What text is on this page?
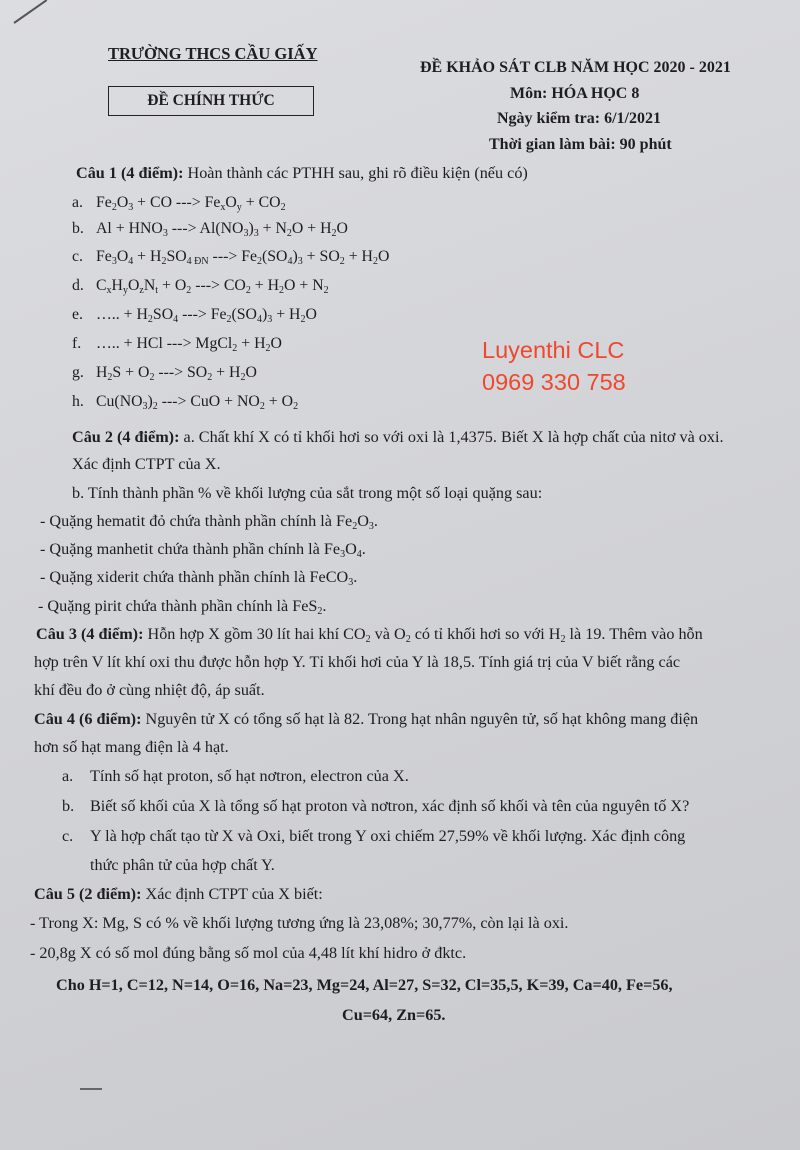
TRƯỜNG THCS CẦU GIẤY
ĐỀ CHÍNH THỨC
ĐỀ KHẢO SÁT CLB NĂM HỌC 2020 - 2021
Môn: HÓA HỌC 8
Ngày kiểm tra: 6/1/2021
Thời gian làm bài: 90 phút
Câu 1 (4 điểm): Hoàn thành các PTHH sau, ghi rõ điều kiện (nếu có)
a. $Fe_2O_3$ + CO ---> $Fe_xO_y + CO_2$
b. $Al + HNO_3$ ---> $Al(NO_3)_3 + N_2O + H_2O$
c. $Fe_3O_4 + H_2SO_{4 ĐN}$ ---> $Fe_2(SO_4)_3 + SO_2 + H_2O$
d. $C_xH_yO_zN_t + O_2$ ---> $CO_2 + H_2O + N_2$
e. ….. + $H_2SO_4$ ---> $Fe_2(SO_4)_3 + H_2O$
f. ….. + HCl ---> MgCl$_2$ + $H_2O$
g. $H_2S + O_2$ ---> $SO_2 + H_2O$
h. $Cu(NO_3)_2$ ---> CuO + $NO_2 + O_2$
Luyenthi CLC
0969 330 758
Câu 2 (4 điểm): a. Chất khí X có tỉ khối hơi so với oxi là 1,4375. Biết X là hợp chất của nitơ và oxi.
Xác định CTPT của X.
b. Tính thành phần % về khối lượng của sắt trong một số loại quặng sau:
- Quặng hematit đỏ chứa thành phần chính là $Fe_2O_3$.
- Quặng manhetit chứa thành phần chính là $Fe_3O_4$.
- Quặng xiderit chứa thành phần chính là FeCO$_3$.
- Quặng pirit chứa thành phần chính là FeS$_2$.
Câu 3 (4 điểm): Hỗn hợp X gồm 30 lít hai khí $CO_2$ và $O_2$ có tỉ khối hơi so với $H_2$ là 19. Thêm vào hỗn
hợp trên V lít khí oxi thu được hỗn hợp Y. Tỉ khối hơi của Y là 18,5. Tính giá trị của V biết rằng các
khí đều đo ở cùng nhiệt độ, áp suất.
Câu 4 (6 điểm): Nguyên tử X có tổng số hạt là 82. Trong hạt nhân nguyên tử, số hạt không mang điện
hơn số hạt mang điện là 4 hạt.
a. Tính số hạt proton, số hạt nơtron, electron của X.
b. Biết số khối của X là tổng số hạt proton và nơtron, xác định số khối và tên của nguyên tố X?
c. Y là hợp chất tạo từ X và Oxi, biết trong Y oxi chiếm 27,59% về khối lượng. Xác định công
thức phân tử của hợp chất Y.
Câu 5 (2 điểm): Xác định CTPT của X biết:
- Trong X: Mg, S có % về khối lượng tương ứng là 23,08%; 30,77%, còn lại là oxi.
- 20,8g X có số mol đúng bằng số mol của 4,48 lít khí hidro ở đktc.
Cho H=1, C=12, N=14, O=16, Na=23, Mg=24, Al=27, S=32, Cl=35,5, K=39, Ca=40, Fe=56,
Cu=64, Zn=65.
